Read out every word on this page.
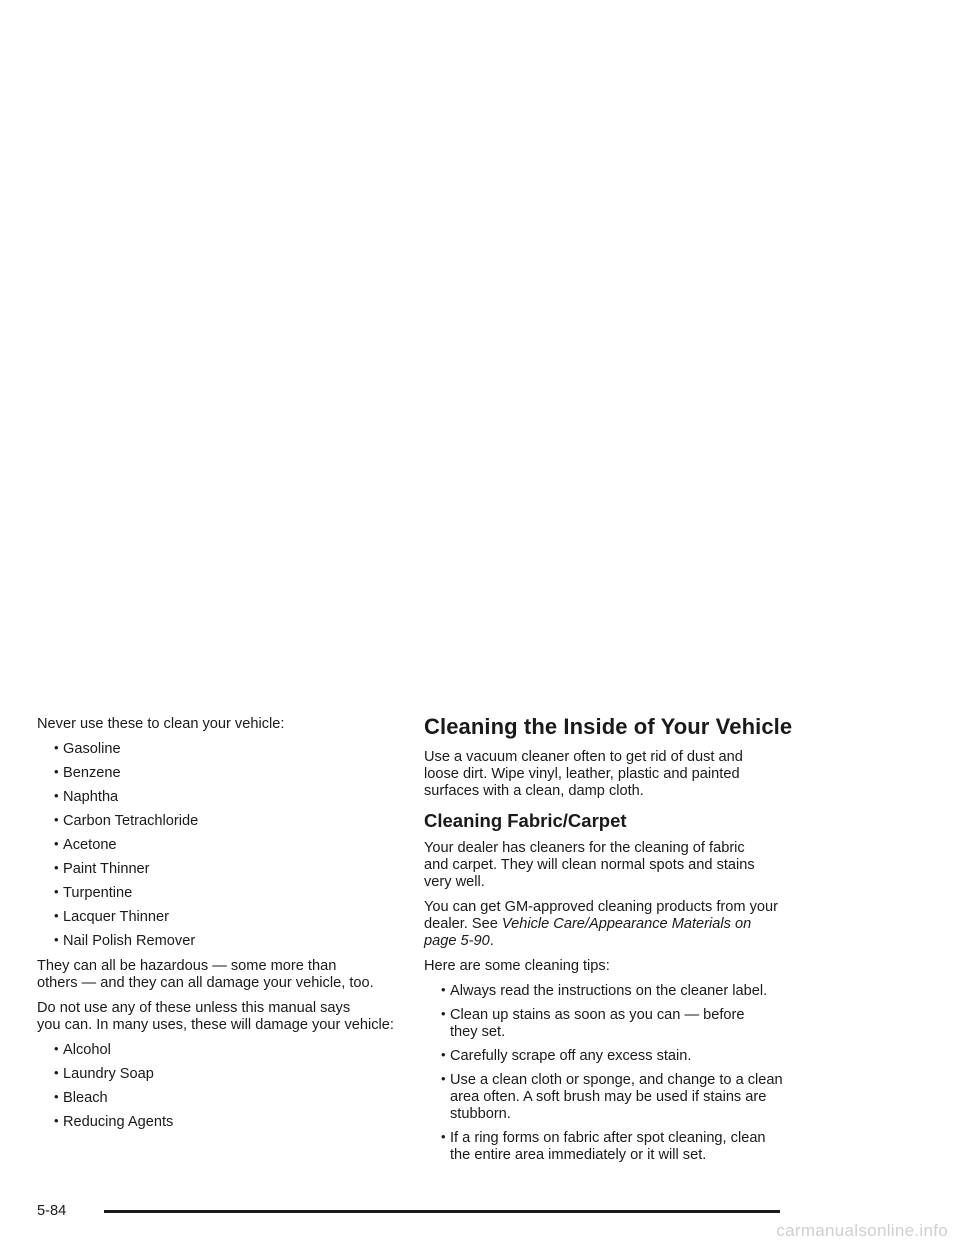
Never use these to clean your vehicle:

• Gasoline
• Benzene
• Naphtha
• Carbon Tetrachloride
• Acetone
• Paint Thinner
• Turpentine
• Lacquer Thinner
• Nail Polish Remover

They can all be hazardous — some more than
others — and they can all damage your vehicle, too.

Do not use any of these unless this manual says
you can. In many uses, these will damage your vehicle:

• Alcohol
• Laundry Soap
• Bleach
• Reducing Agents
Cleaning the Inside of Your Vehicle

Use a vacuum cleaner often to get rid of dust and
loose dirt. Wipe vinyl, leather, plastic and painted
surfaces with a clean, damp cloth.

Cleaning Fabric/Carpet

Your dealer has cleaners for the cleaning of fabric
and carpet. They will clean normal spots and stains
very well.

You can get GM-approved cleaning products from your
dealer. See Vehicle Care/Appearance Materials on
page 5-90.

Here are some cleaning tips:

• Always read the instructions on the cleaner label.
• Clean up stains as soon as you can — before
they set.
• Carefully scrape off any excess stain.
• Use a clean cloth or sponge, and change to a clean
area often. A soft brush may be used if stains are
stubborn.
• If a ring forms on fabric after spot cleaning, clean
the entire area immediately or it will set.
5-84
carmanualsonline.info
